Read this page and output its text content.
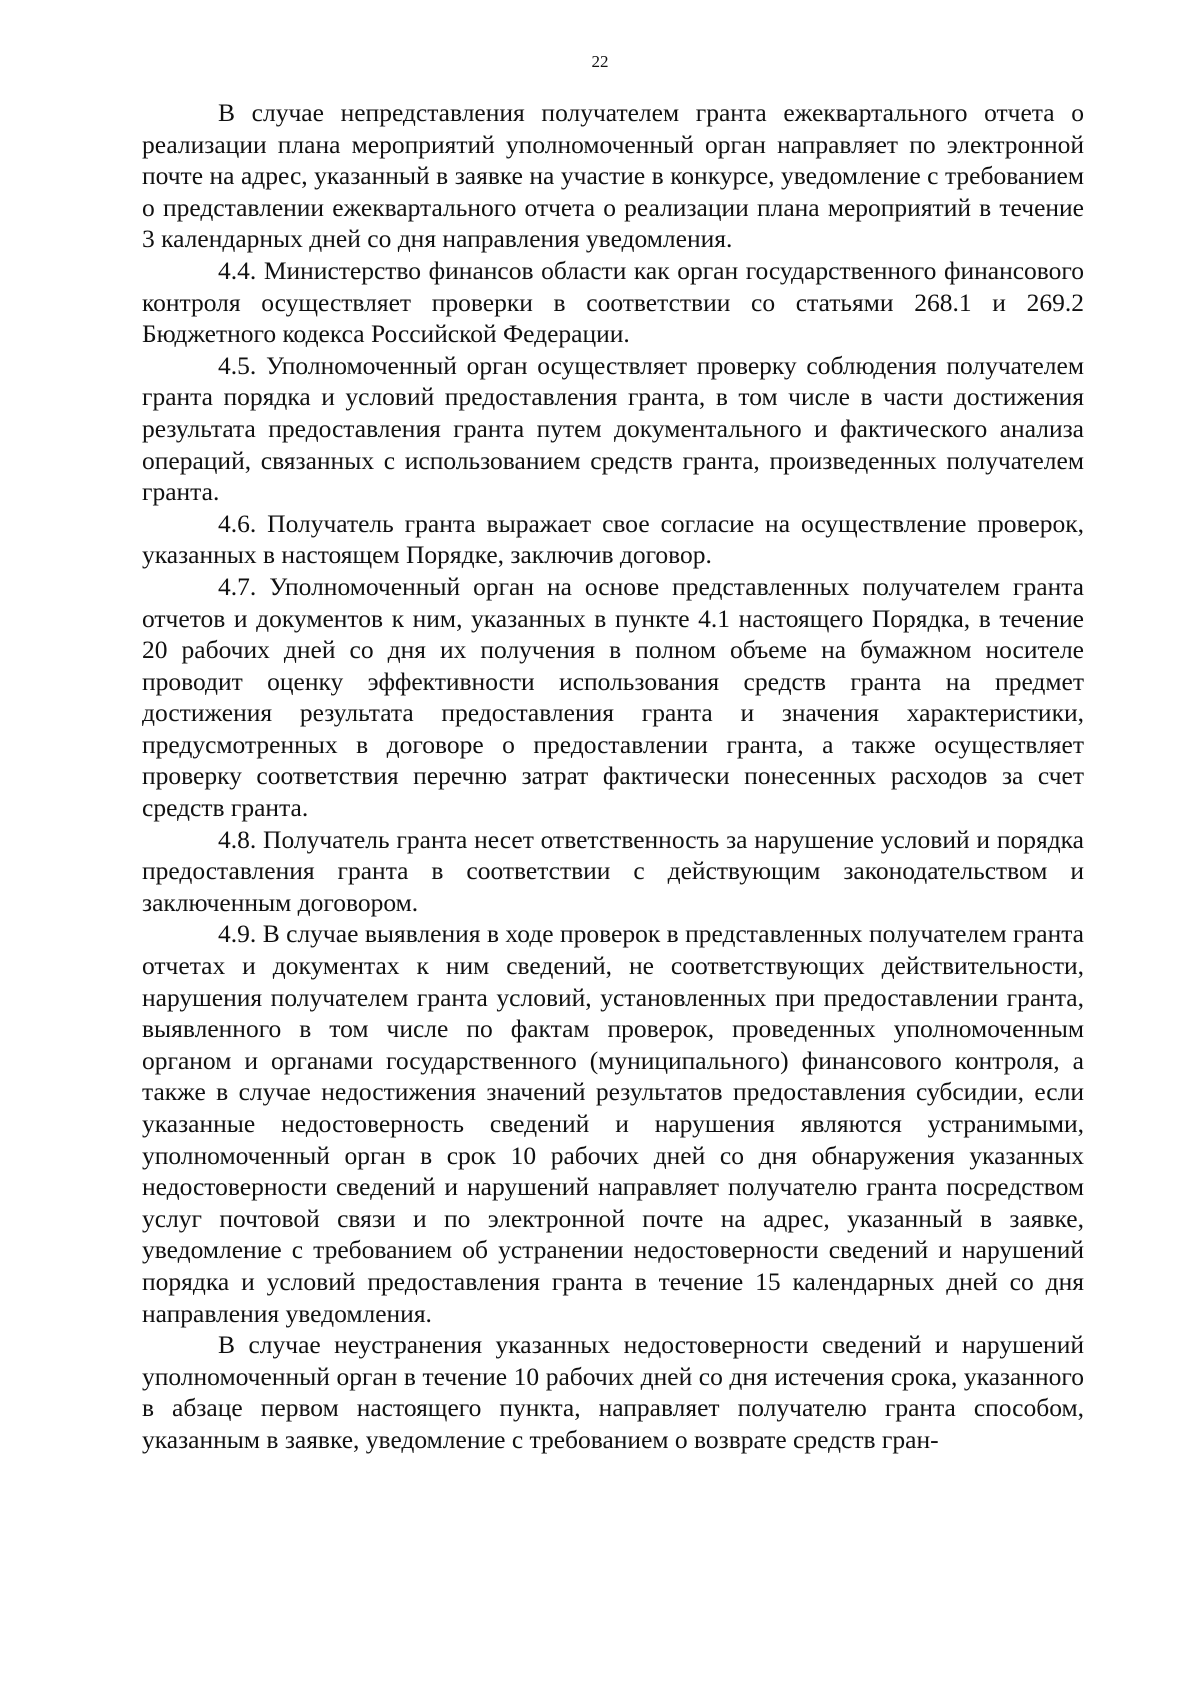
22

В случае непредставления получателем гранта ежеквартального отчета о реализации плана мероприятий уполномоченный орган направляет по электронной почте на адрес, указанный в заявке на участие в конкурсе, уведомление с требованием о представлении ежеквартального отчета о реализации плана мероприятий в течение 3 календарных дней со дня направления уведомления.

4.4. Министерство финансов области как орган государственного финансового контроля осуществляет проверки в соответствии со статьями 268.1 и 269.2 Бюджетного кодекса Российской Федерации.

4.5. Уполномоченный орган осуществляет проверку соблюдения получателем гранта порядка и условий предоставления гранта, в том числе в части достижения результата предоставления гранта путем документального и фактического анализа операций, связанных с использованием средств гранта, произведенных получателем гранта.

4.6. Получатель гранта выражает свое согласие на осуществление проверок, указанных в настоящем Порядке, заключив договор.

4.7. Уполномоченный орган на основе представленных получателем гранта отчетов и документов к ним, указанных в пункте 4.1 настоящего Порядка, в течение 20 рабочих дней со дня их получения в полном объеме на бумажном носителе проводит оценку эффективности использования средств гранта на предмет достижения результата предоставления гранта и значения характеристики, предусмотренных в договоре о предоставлении гранта, а также осуществляет проверку соответствия перечню затрат фактически понесенных расходов за счет средств гранта.

4.8. Получатель гранта несет ответственность за нарушение условий и порядка предоставления гранта в соответствии с действующим законодательством и заключенным договором.

4.9. В случае выявления в ходе проверок в представленных получателем гранта отчетах и документах к ним сведений, не соответствующих действительности, нарушения получателем гранта условий, установленных при предоставлении гранта, выявленного в том числе по фактам проверок, проведенных уполномоченным органом и органами государственного (муниципального) финансового контроля, а также в случае недостижения значений результатов предоставления субсидии, если указанные недостоверность сведений и нарушения являются устранимыми, уполномоченный орган в срок 10 рабочих дней со дня обнаружения указанных недостоверности сведений и нарушений направляет получателю гранта посредством услуг почтовой связи и по электронной почте на адрес, указанный в заявке, уведомление с требованием об устранении недостоверности сведений и нарушений порядка и условий предоставления гранта в течение 15 календарных дней со дня направления уведомления.

В случае неустранения указанных недостоверности сведений и нарушений уполномоченный орган в течение 10 рабочих дней со дня истечения срока, указанного в абзаце первом настоящего пункта, направляет получателю гранта способом, указанным в заявке, уведомление с требованием о возврате средств гран-
